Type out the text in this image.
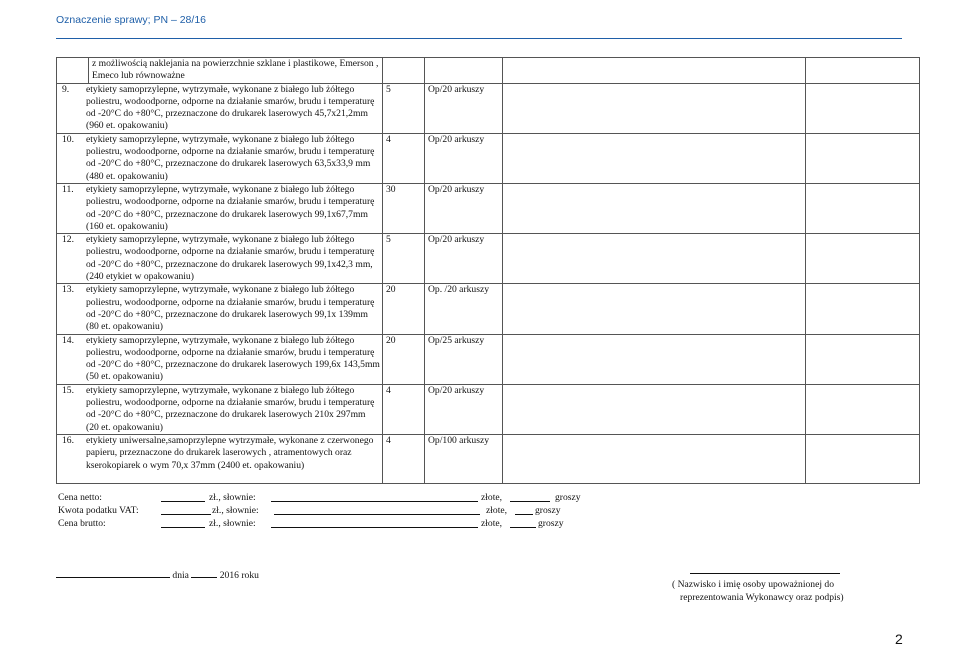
Oznaczenie sprawy; PN – 28/16
	z możliwością naklejania na powierzchnie szklane i plastikowe, Emerson , Emeco lub równoważne				

9. etykiety samoprzylepne, wytrzymałe, wykonane z białego lub żółtego poliestru, wodoodporne, odporne na działanie smarów, brudu i temperaturę od -20°C do +80°C, przeznaczone do drukarek laserowych 45,7x21,2mm (960 et. opakowaniu)		5	Op/20 arkuszy		

10. etykiety samoprzylepne, wytrzymałe, wykonane z białego lub żółtego poliestru, wodoodporne, odporne na działanie smarów, brudu i temperaturę od -20°C do +80°C, przeznaczone do drukarek laserowych 63,5x33,9 mm (480 et. opakowaniu)		4	Op/20 arkuszy		

11. etykiety samoprzylepne, wytrzymałe, wykonane z białego lub żółtego poliestru, wodoodporne, odporne na działanie smarów, brudu i temperaturę od -20°C do +80°C, przeznaczone do drukarek laserowych 99,1x67,7mm (160 et. opakowaniu)		30	Op/20 arkuszy		

12. etykiety samoprzylepne, wytrzymałe, wykonane z białego lub żółtego poliestru, wodoodporne, odporne na działanie smarów, brudu i temperaturę od -20°C do +80°C, przeznaczone do drukarek laserowych 99,1x42,3 mm, (240 etykiet w opakowaniu)		5	Op/20 arkuszy		

13. etykiety samoprzylepne, wytrzymałe, wykonane z białego lub żółtego poliestru, wodoodporne, odporne na działanie smarów, brudu i temperaturę od -20°C do +80°C, przeznaczone do drukarek laserowych 99,1x 139mm (80 et. opakowaniu)		20	Op. /20 arkuszy		

14. etykiety samoprzylepne, wytrzymałe, wykonane z białego lub żółtego poliestru, wodoodporne, odporne na działanie smarów, brudu i temperaturę od -20°C do +80°C, przeznaczone do drukarek laserowych 199,6x 143,5mm (50 et. opakowaniu)		20	Op/25 arkuszy		

15. etykiety samoprzylepne, wytrzymałe, wykonane z białego lub żółtego poliestru, wodoodporne, odporne na działanie smarów, brudu i temperaturę od -20°C do +80°C, przeznaczone do drukarek laserowych 210x 297mm (20 et. opakowaniu)		4	Op/20 arkuszy		

16. etykiety uniwersalne,samoprzylepne wytrzymałe, wykonane z czerwonego papieru, przeznaczone do drukarek laserowych , atramentowych oraz kserokopiarek o wym 70,x 37mm (2400 et. opakowaniu)		4	Op/100 arkuszy		
Cena netto:	zł., słownie:	złote,	groszy
Kwota podatku VAT:	zł., słownie:	złote,	groszy
Cena brutto:	zł., słownie:	złote,	groszy
dnia	2016 roku
( Nazwisko i imię osoby upoważnionej do
reprezentowania Wykonawcy oraz podpis)
2
